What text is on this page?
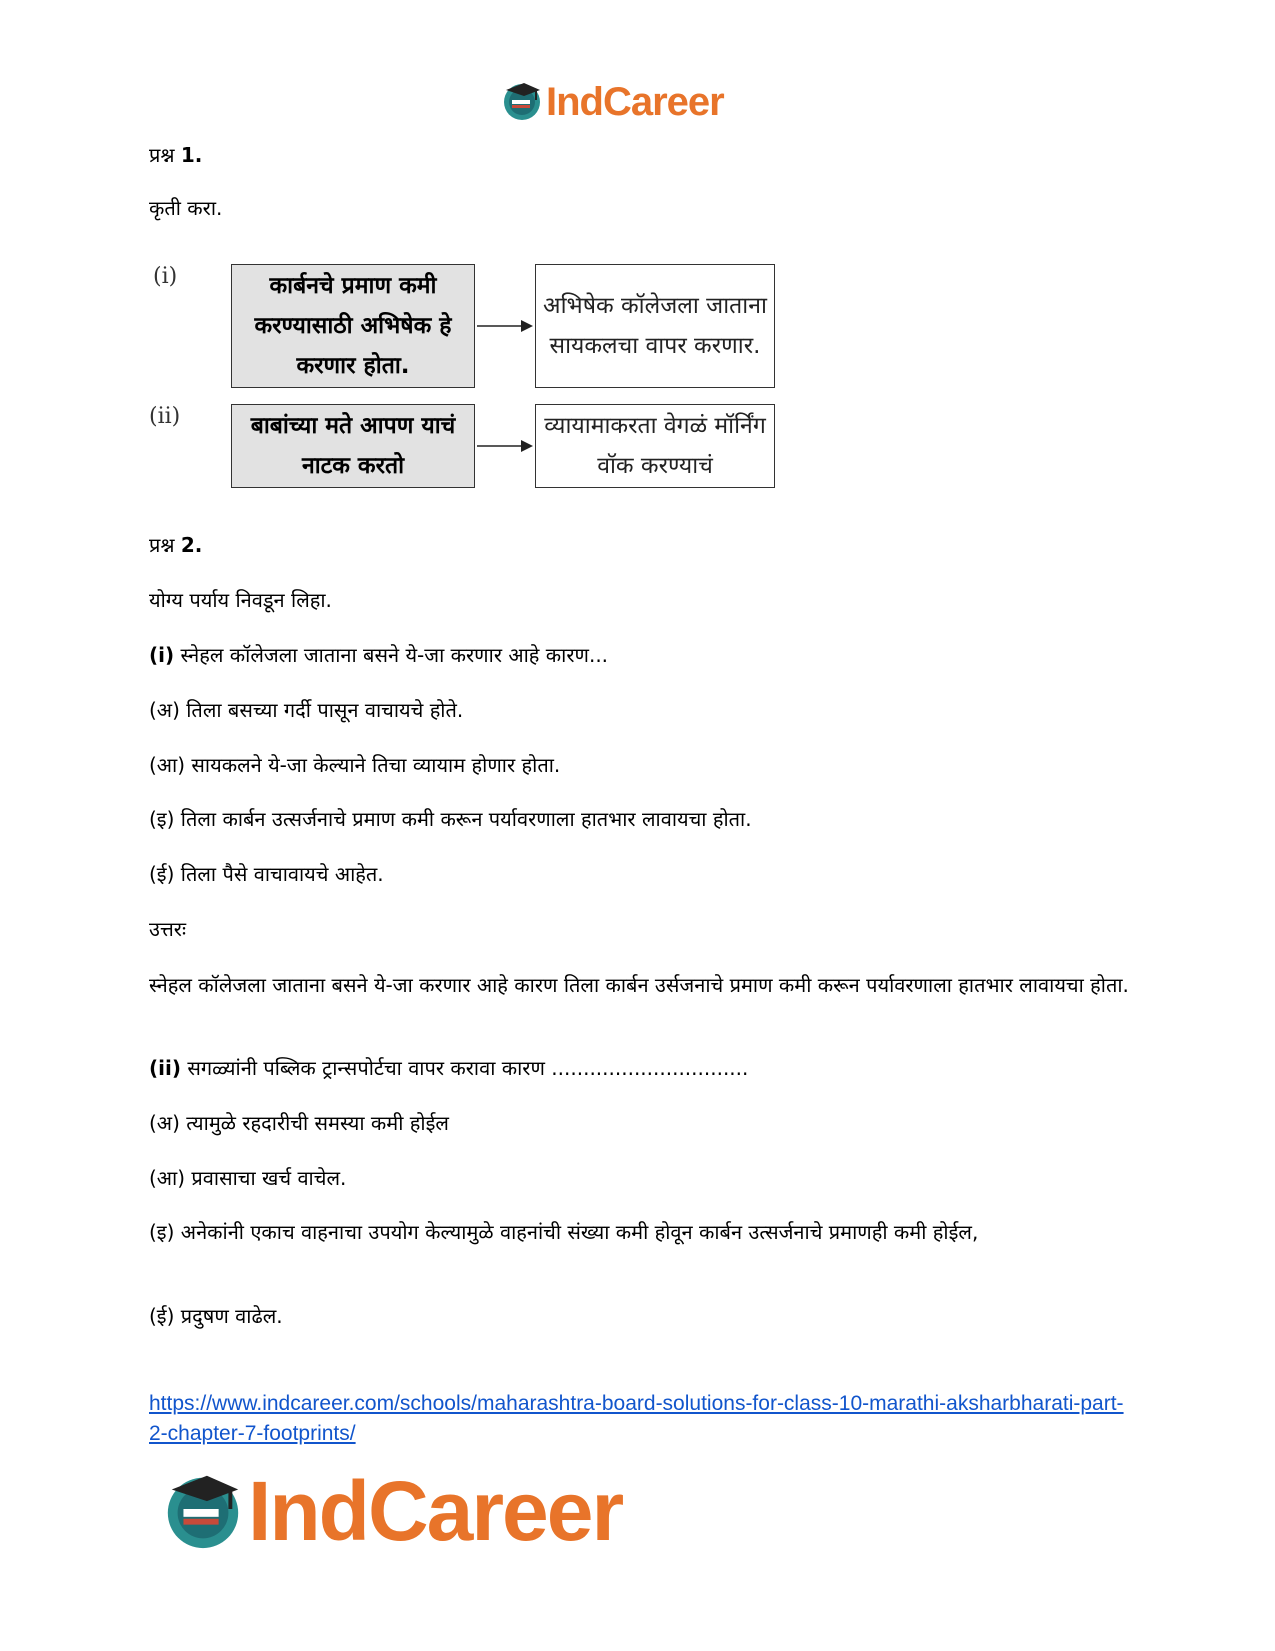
IndCareer
प्रश्न 1.
कृती करा.
(i)	कार्बनचे प्रमाण कमी करण्यासाठी अभिषेक हे करणार होता.
अभिषेक कॉलेजला जाताना सायकलचा वापर करणार.
(ii)	बाबांच्या मते आपण याचं नाटक करतो
व्यायामाकरता वेगळं मॉर्निंग वॉक करण्याचं
प्रश्न 2.
योग्य पर्याय निवडून लिहा.
(i) स्नेहल कॉलेजला जाताना बसने ये-जा करणार आहे कारण...
(अ) तिला बसच्या गर्दी पासून वाचायचे होते.
(आ) सायकलने ये-जा केल्याने तिचा व्यायाम होणार होता.
(इ) तिला कार्बन उत्सर्जनाचे प्रमाण कमी करून पर्यावरणाला हातभार लावायचा होता.
(ई) तिला पैसे वाचावायचे आहेत.
उत्तरः
स्नेहल कॉलेजला जाताना बसने ये-जा करणार आहे कारण तिला कार्बन उर्सजनाचे प्रमाण कमी करून पर्यावरणाला हातभार लावायचा होता.
(ii) सगळ्यांनी पब्लिक ट्रान्सपोर्टचा वापर करावा कारण ...............................
(अ) त्यामुळे रहदारीची समस्या कमी होईल
(आ) प्रवासाचा खर्च वाचेल.
(इ) अनेकांनी एकाच वाहनाचा उपयोग केल्यामुळे वाहनांची संख्या कमी होवून कार्बन उत्सर्जनाचे प्रमाणही कमी होईल,
(ई) प्रदुषण वाढेल.
https://www.indcareer.com/schools/maharashtra-board-solutions-for-class-10-marathi-aksharbharati-part-2-chapter-7-footprints/
IndCareer
